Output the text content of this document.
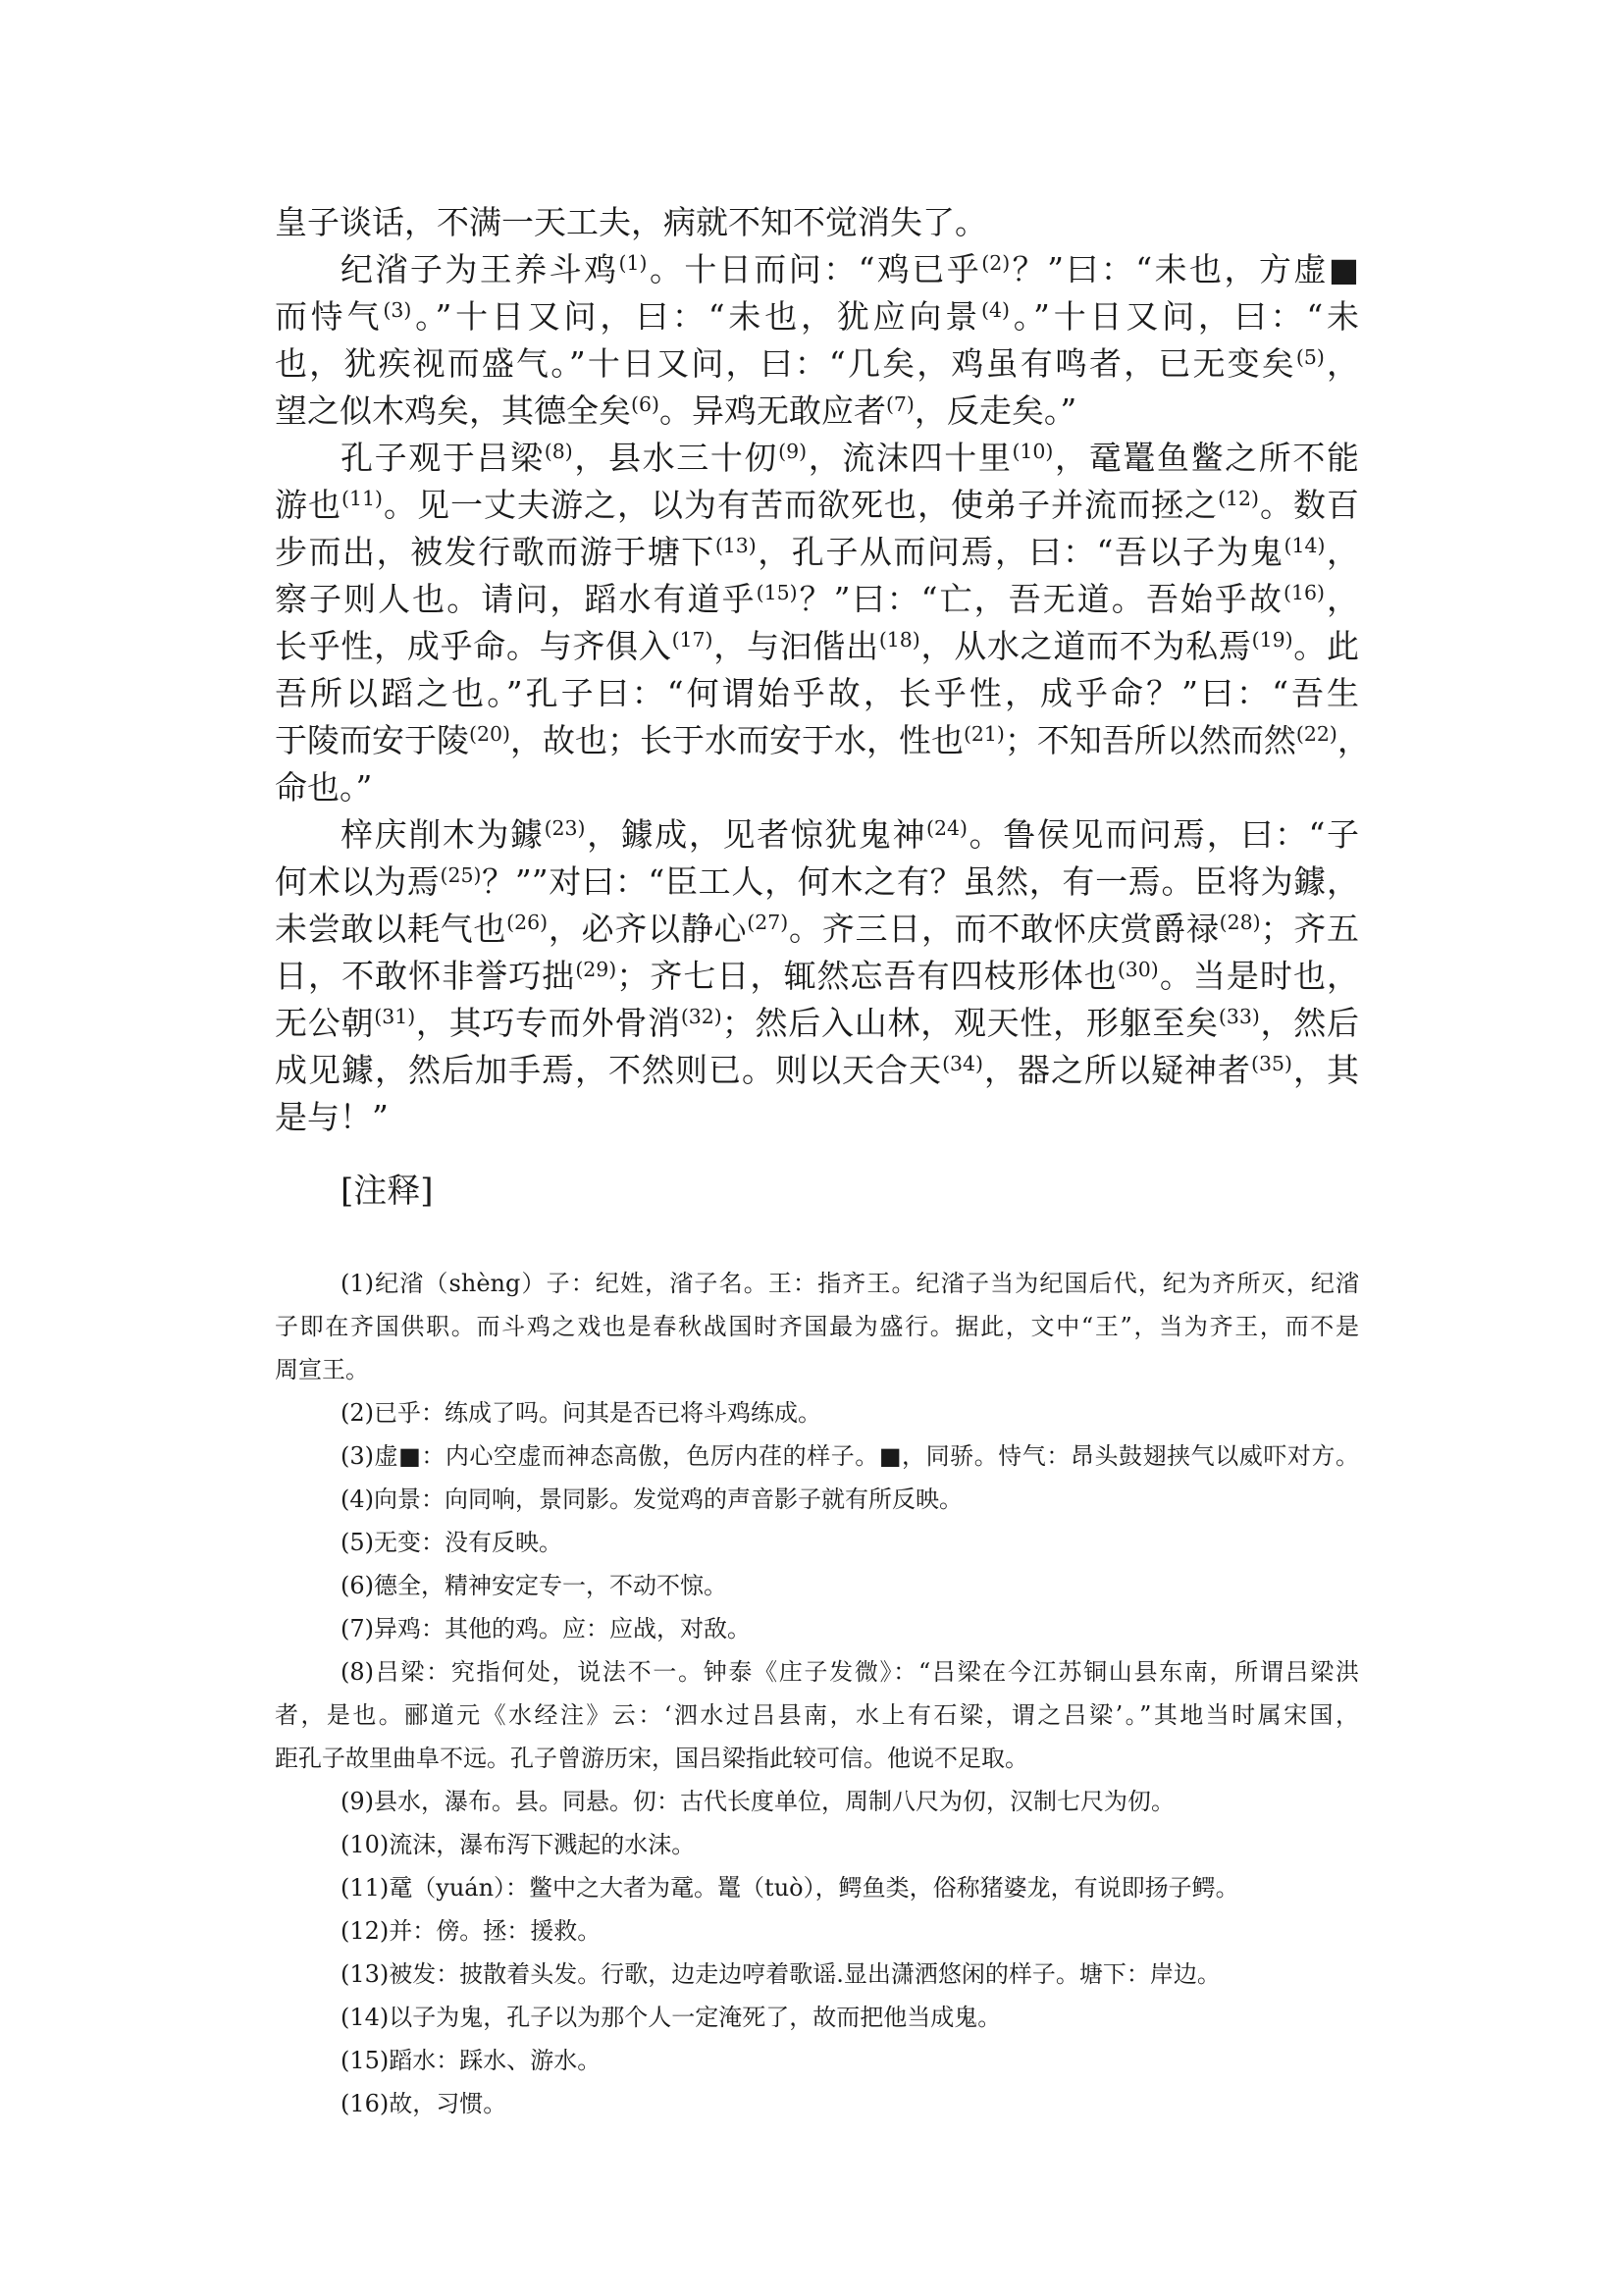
皇子谈话，不满一天工夫，病就不知不觉消失了。
纪渻子为王养斗鸡$^{(1)}$。十日而问：“鸡已乎$^{(2)}$？”曰：“未也，方虚■
而恃气$^{(3)}$。”十日又问，曰：“未也，犹应向景$^{(4)}$。”十日又问，曰：“未
也，犹疾视而盛气。”十日又问，曰：“几矣，鸡虽有鸣者，已无变矣$^{(5)}$，
望之似木鸡矣，其德全矣$^{(6)}$。异鸡无敢应者$^{(7)}$，反走矣。”
孔子观于吕梁$^{(8)}$，县水三十仞$^{(9)}$，流沫四十里$^{(10)}$，鼋鼍鱼鳖之所不能
游也$^{(11)}$。见一丈夫游之，以为有苦而欲死也，使弟子并流而拯之$^{(12)}$。数百
步而出，被发行歌而游于塘下$^{(13)}$，孔子从而问焉，曰：“吾以子为鬼$^{(14)}$，
察子则人也。请问，蹈水有道乎$^{(15)}$？”曰：“亡，吾无道。吾始乎故$^{(16)}$，
长乎性，成乎命。与齐俱入$^{(17)}$，与汩偕出$^{(18)}$，从水之道而不为私焉$^{(19)}$。此
吾所以蹈之也。”孔子曰：“何谓始乎故，长乎性，成乎命？”曰：“吾生
于陵而安于陵$^{(20)}$，故也；长于水而安于水，性也$^{(21)}$；不知吾所以然而然$^{(22)}$，
命也。”
梓庆削木为鐻$^{(23)}$，鐻成，见者惊犹鬼神$^{(24)}$。鲁侯见而问焉，曰：“子
何术以为焉$^{(25)}$？””对曰：“臣工人，何木之有？虽然，有一焉。臣将为鐻，
未尝敢以耗气也$^{(26)}$，必齐以静心$^{(27)}$。齐三日，而不敢怀庆赏爵禄$^{(28)}$；齐五
日，不敢怀非誉巧拙$^{(29)}$；齐七日，辄然忘吾有四枝形体也$^{(30)}$。当是时也，
无公朝$^{(31)}$，其巧专而外骨消$^{(32)}$；然后入山林，观天性，形躯至矣$^{(33)}$，然后
成见鐻，然后加手焉，不然则已。则以天合天$^{(34)}$，器之所以疑神者$^{(35)}$，其
是与！”
[注释]
(1)纪渻（shèng）子：纪姓，渻子名。王：指齐王。纪渻子当为纪国后代，纪为齐所灭，纪渻
子即在齐国供职。而斗鸡之戏也是春秋战国时齐国最为盛行。据此，文中“王”，当为齐王，而不是
周宣王。
(2)已乎：练成了吗。问其是否已将斗鸡练成。
(3)虚■：内心空虚而神态高傲，色厉内荏的样子。■，同骄。恃气：昂头鼓翅挟气以威吓对方。
(4)向景：向同响，景同影。发觉鸡的声音影子就有所反映。
(5)无变：没有反映。
(6)德全，精神安定专一，不动不惊。
(7)异鸡：其他的鸡。应：应战，对敌。
(8)吕梁：究指何处，说法不一。钟泰《庄子发微》：“吕梁在今江苏铜山县东南，所谓吕梁洪
者，是也。郦道元《水经注》云：‘泗水过吕县南，水上有石梁，谓之吕梁’。”其地当时属宋国，
距孔子故里曲阜不远。孔子曾游历宋，国吕梁指此较可信。他说不足取。
(9)县水，瀑布。县。同悬。仞：古代长度单位，周制八尺为仞，汉制七尺为仞。
(10)流沫，瀑布泻下溅起的水沫。
(11)鼋（yuán）：鳖中之大者为鼋。鼍（tuò），鳄鱼类，俗称猪婆龙，有说即扬子鳄。
(12)并：傍。拯：援救。
(13)被发：披散着头发。行歌，边走边哼着歌谣.显出潇洒悠闲的样子。塘下：岸边。
(14)以子为鬼，孔子以为那个人一定淹死了，故而把他当成鬼。
(15)蹈水：踩水、游水。
(16)故，习惯。
